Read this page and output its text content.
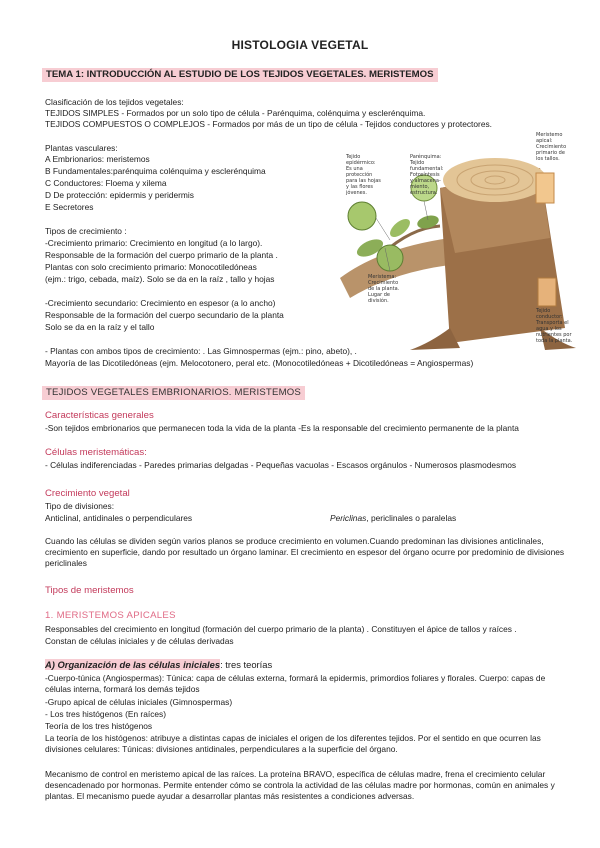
HISTOLOGIA VEGETAL
TEMA 1: INTRODUCCIÓN AL ESTUDIO DE LOS TEJIDOS VEGETALES. MERISTEMOS
Clasificación de los tejidos vegetales:
TEJIDOS SIMPLES - Formados por un solo tipo de célula - Parénquima, colénquima y esclerénquima.
TEJIDOS COMPUESTOS O COMPLEJOS - Formados por más de un tipo de célula - Tejidos conductores y protectores.
Plantas vasculares:
A Embrionarios: meristemos
B Fundamentales:parénquima colénquima y esclerénquima
C Conductores: Floema y xilema
D De protección: epidermis y peridermis
E Secretores
Tipos de crecimiento :
-Crecimiento primario: Crecimiento en longitud (a lo largo).
Responsable de la formación del cuerpo primario de la planta .
Plantas con solo crecimiento primario: Monocotiledóneas
(ejm.: trigo, cebada, maíz). Solo se da en la raíz , tallo y hojas
-Crecimiento secundario: Crecimiento en espesor (a lo ancho)
Responsable de la formación del cuerpo secundario de la planta
Solo se da en la raíz y el tallo
- Plantas con ambos tipos de crecimiento: . Las Gimnospermas (ejm.: pino, abeto), .
Mayoría de las Dicotiledóneas (ejm. Melocotonero, peral etc. (Monocotiledóneas + Dicotiledóneas = Angiospermas)
Tejido epidérmico: Es una protección para las hojas y las flores jóvenes.
Parénquima: Tejido fundamental: Fotosíntesis y almacena- miento, estructura.
Meristema: Crecimiento de la planta. Lugar de división.
Meristemo apical: Crecimiento primario de los tallos.
Tejido conductor: Transporta el agua y los nutrientes por toda la planta.
TEJIDOS VEGETALES EMBRIONARIOS. MERISTEMOS
Características generales
-Son tejidos embrionarios que permanecen toda la vida de la planta -Es la responsable del crecimiento permanente de la planta
Células meristemáticas:
- Células indiferenciadas - Paredes primarias delgadas - Pequeñas vacuolas - Escasos orgánulos - Numerosos plasmodesmos
Crecimiento vegetal
Tipo de divisiones:
Anticlinal, antidinales o perpendiculares	Periclinas, periclinales o paralelas
Cuando las células se dividen según varios planos se produce crecimiento en volumen.Cuando predominan las divisiones anticlinales, crecimiento en superficie, dando por resultado un órgano laminar. El crecimiento en espesor del órgano ocurre por predominio de divisiones periclinales
Tipos de meristemos
1. MERISTEMOS APICALES
Responsables del crecimiento en longitud (formación del cuerpo primario de la planta) . Constituyen el ápice de tallos y raíces .
Constan de células iniciales y de células derivadas
A) Organización de las células iniciales: tres teorías
-Cuerpo-túnica (Angiospermas): Túnica: capa de células externa, formará la epidermis, primordios foliares y florales. Cuerpo: capas de células interna, formará los demás tejidos
-Grupo apical de células iniciales (Gimnospermas)
- Los tres histógenos (En raíces)
Teoría de los tres histógenos
La teoría de los histógenos: atribuye a distintas capas de iniciales el origen de los diferentes tejidos. Por el sentido en que ocurren las divisiones celulares: Túnicas: divisiones antidinales, perpendiculares a la superficie del órgano.
Mecanismo de control en meristemo apical de las raíces. La proteína BRAVO, específica de células madre, frena el crecimiento celular desencadenado por hormonas. Permite entender cómo se controla la actividad de las células madre por hormonas, común en animales y plantas. El mecanismo puede ayudar a desarrollar plantas más resistentes a condiciones adversas.
